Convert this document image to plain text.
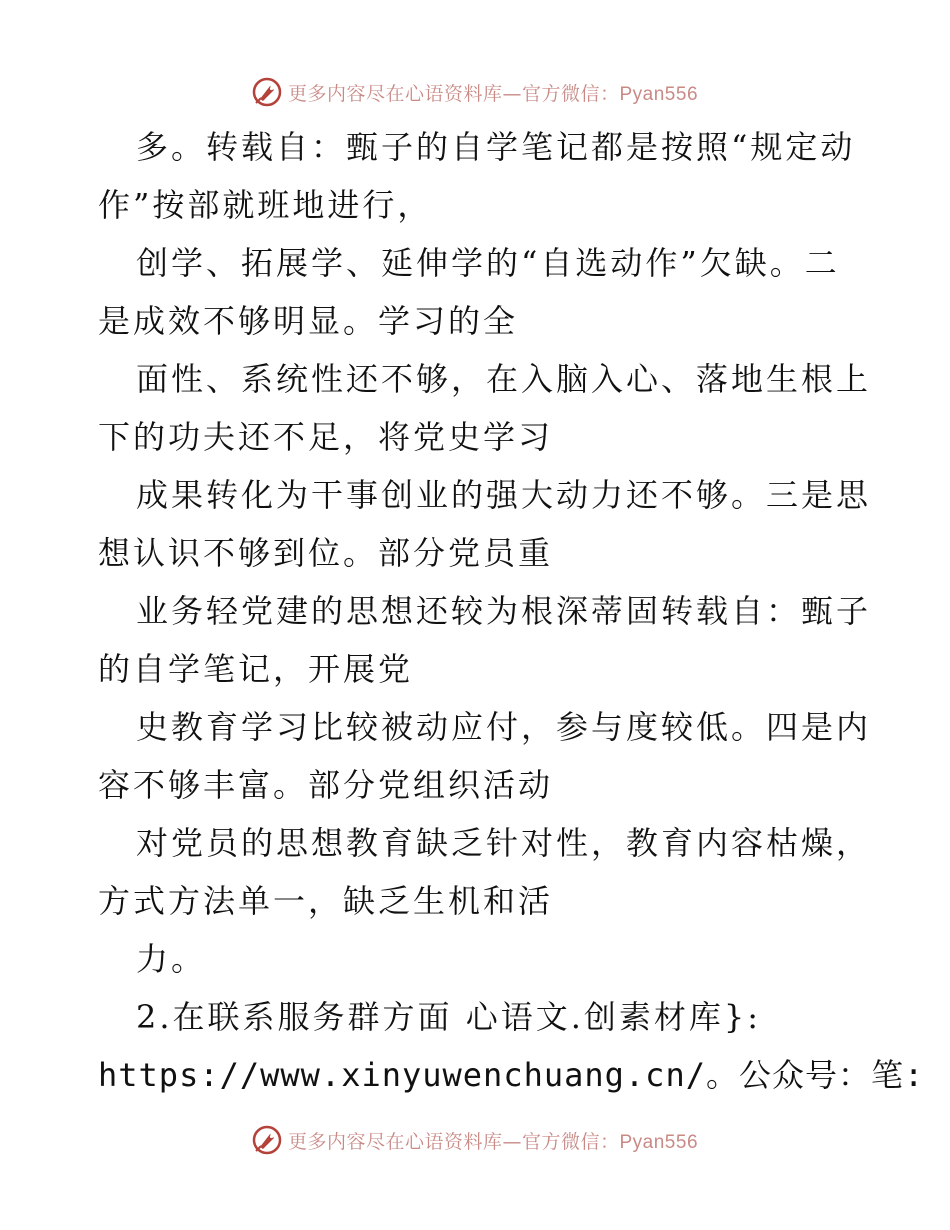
更多内容尽在心语资料库—官方微信：Pyan556
多。转载自：甄子的自学笔记都是按照“规定动
作”按部就班地进行，
创学、拓展学、延伸学的“自选动作”欠缺。二
是成效不够明显。学习的全
面性、系统性还不够，在入脑入心、落地生根上
下的功夫还不足，将党史学习
成果转化为干事创业的强大动力还不够。三是思
想认识不够到位。部分党员重
业务轻党建的思想还较为根深蒂固转载自：甄子
的自学笔记，开展党
史教育学习比较被动应付，参与度较低。四是内
容不够丰富。部分党组织活动
对党员的思想教育缺乏针对性，教育内容枯燥，
方式方法单一，缺乏生机和活
力。
2.在联系服务群方面 心语文.创素材库}:
https://www.xinyuwenchuang.cn/。公众号：笔:
更多内容尽在心语资料库—官方微信：Pyan556
